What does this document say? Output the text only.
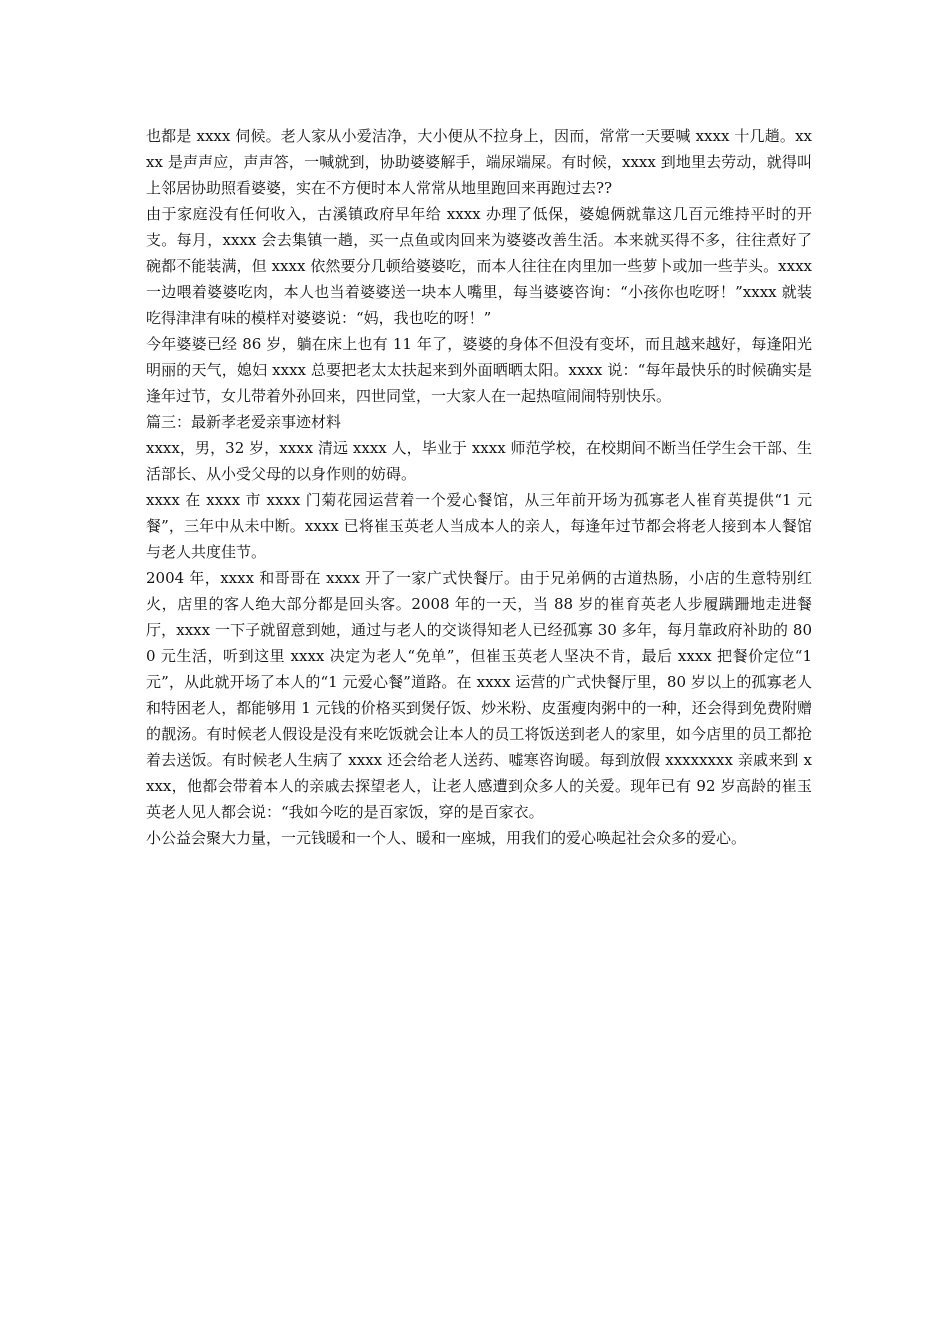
也都是 xxxx 伺候。老人家从小爱洁净，大小便从不拉身上，因而，常常一天要喊 xxxx 十几趟。xxxx 是声声应，声声答，一喊就到，协助婆婆解手，端尿端屎。有时候，xxxx 到地里去劳动，就得叫上邻居协助照看婆婆，实在不方便时本人常常从地里跑回来再跑过去??

由于家庭没有任何收入，古溪镇政府早年给 xxxx 办理了低保，婆媳俩就靠这几百元维持平时的开支。每月，xxxx 会去集镇一趟，买一点鱼或肉回来为婆婆改善生活。本来就买得不多，往往煮好了碗都不能装满，但 xxxx 依然要分几顿给婆婆吃，而本人往往在肉里加一些萝卜或加一些芋头。xxxx 一边喂着婆婆吃肉，本人也当着婆婆送一块本人嘴里，每当婆婆咨询：“小孩你也吃呀！”xxxx 就装吃得津津有味的模样对婆婆说：“妈，我也吃的呀！”

今年婆婆已经 86 岁，躺在床上也有 11 年了，婆婆的身体不但没有变坏，而且越来越好，每逢阳光明丽的天气，媳妇 xxxx 总要把老太太扶起来到外面晒晒太阳。xxxx 说：“每年最快乐的时候确实是逢年过节，女儿带着外孙回来，四世同堂，一大家人在一起热喧闹闹特别快乐。

篇三：最新孝老爱亲事迹材料

xxxx，男，32 岁，xxxx 清远 xxxx 人，毕业于 xxxx 师范学校，在校期间不断当任学生会干部、生活部长、从小受父母的以身作则的妨碍。

xxxx 在 xxxx 市 xxxx 门菊花园运营着一个爱心餐馆，从三年前开场为孤寡老人崔育英提供“1 元餐”，三年中从未中断。xxxx 已将崔玉英老人当成本人的亲人，每逢年过节都会将老人接到本人餐馆与老人共度佳节。

2004 年，xxxx 和哥哥在 xxxx 开了一家广式快餐厅。由于兄弟俩的古道热肠，小店的生意特别红火，店里的客人绝大部分都是回头客。2008 年的一天，当 88 岁的崔育英老人步履蹒跚地走进餐厅，xxxx 一下子就留意到她，通过与老人的交谈得知老人已经孤寡 30 多年，每月靠政府补助的 800 元生活，听到这里 xxxx 决定为老人“免单”，但崔玉英老人坚决不肯，最后 xxxx 把餐价定位“1 元”，从此就开场了本人的“1 元爱心餐”道路。在 xxxx 运营的广式快餐厅里，80 岁以上的孤寡老人和特困老人，都能够用 1 元钱的价格买到煲仔饭、炒米粉、皮蛋瘦肉粥中的一种，还会得到免费附赠的靓汤。有时候老人假设是没有来吃饭就会让本人的员工将饭送到老人的家里，如今店里的员工都抢着去送饭。有时候老人生病了 xxxx 还会给老人送药、嘘寒咨询暖。每到放假 xxxxxxxx 亲戚来到 xxxx，他都会带着本人的亲戚去探望老人，让老人感遭到众多人的关爱。现年已有 92 岁高龄的崔玉英老人见人都会说：“我如今吃的是百家饭，穿的是百家衣。

小公益会聚大力量，一元钱暖和一个人、暖和一座城，用我们的爱心唤起社会众多的爱心。
